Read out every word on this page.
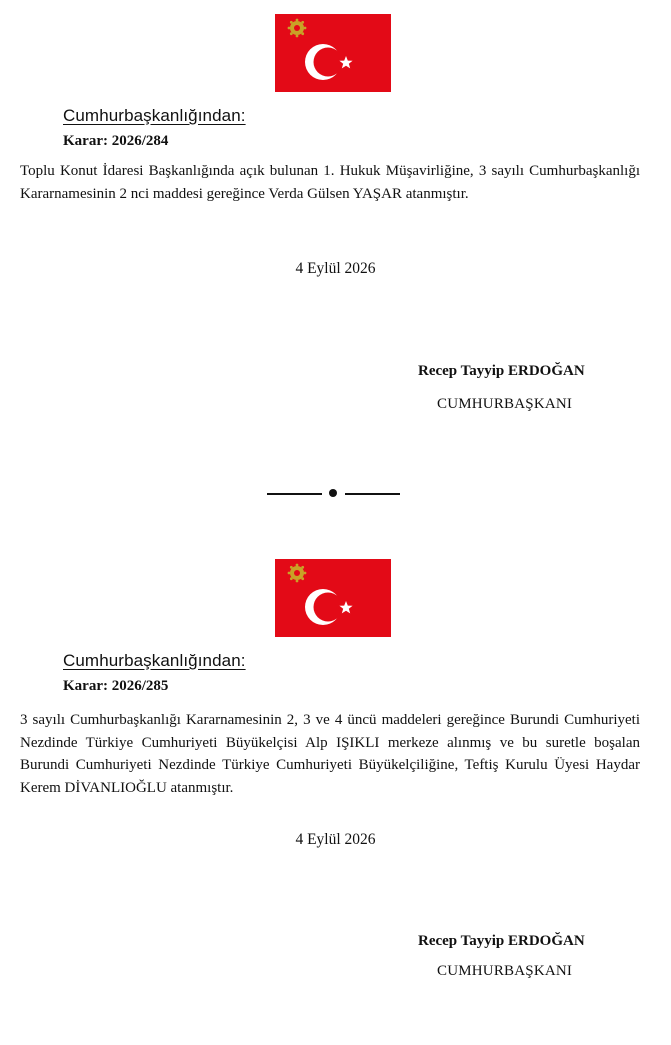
Cumhurbaşkanlığından:
Karar: 2026/284

Toplu Konut İdaresi Başkanlığında açık bulunan 1. Hukuk Müşavirliğine, 3 sayılı Cumhurbaşkanlığı Kararnamesinin 2 nci maddesi gereğince Verda Gülsen YAŞAR atanmıştır.

4 Eylül 2026
Recep Tayyip ERDOĞAN
CUMHURBAŞKANI
Cumhurbaşkanlığından:
Karar: 2026/285

3 sayılı Cumhurbaşkanlığı Kararnamesinin 2, 3 ve 4 üncü maddeleri gereğince Burundi Cumhuriyeti Nezdinde Türkiye Cumhuriyeti Büyükelçisi Alp IŞIKLI merkeze alınmış ve bu suretle boşalan Burundi Cumhuriyeti Nezdinde Türkiye Cumhuriyeti Büyükelçiliğine, Teftiş Kurulu Üyesi Haydar Kerem DİVANLIOĞLU atanmıştır.

4 Eylül 2026
Recep Tayyip ERDOĞAN
CUMHURBAŞKANI
